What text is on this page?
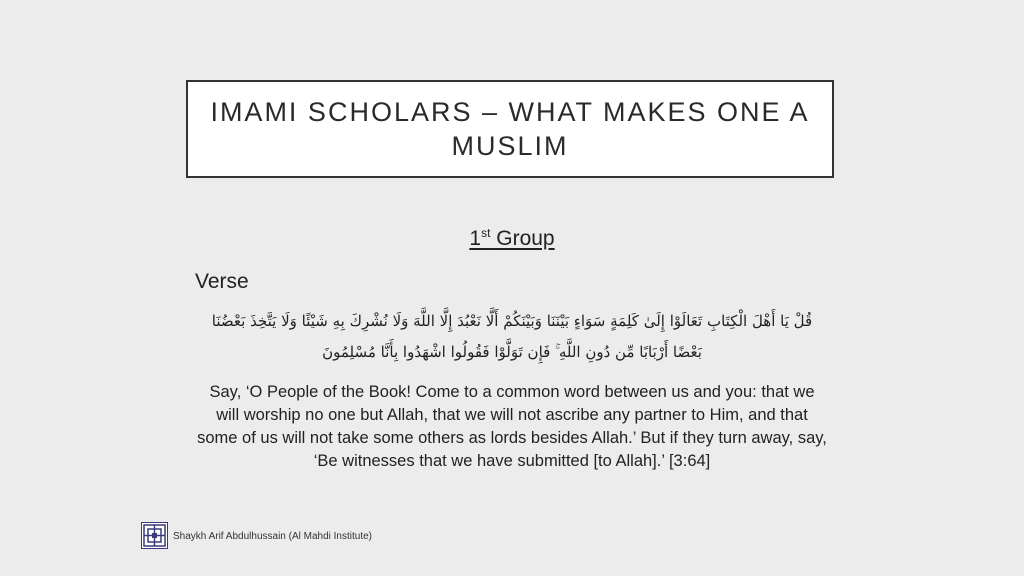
IMAMI SCHOLARS – WHAT MAKES ONE A MUSLIM
1st Group
Verse
قُلْ يَا أَهْلَ الْكِتَابِ تَعَالَوْا إِلَىٰ كَلِمَةٍ سَوَاءٍ بَيْنَنَا وَبَيْنَكُمْ أَلَّا نَعْبُدَ إِلَّا اللَّهَ وَلَا نُشْرِكَ بِهِ شَيْئًا وَلَا يَتَّخِذَ بَعْضُنَا بَعْضًا أَرْبَابًا مِّن دُونِ اللَّهِ ۚ فَإِن تَوَلَّوْا فَقُولُوا اشْهَدُوا بِأَنَّا مُسْلِمُونَ
Say, ‘O People of the Book! Come to a common word between us and you: that we will worship no one but Allah, that we will not ascribe any partner to Him, and that some of us will not take some others as lords besides Allah.’ But if they turn away, say, ‘Be witnesses that we have submitted [to Allah].’ [3:64]
Shaykh Arif Abdulhussain (Al Mahdi Institute)
